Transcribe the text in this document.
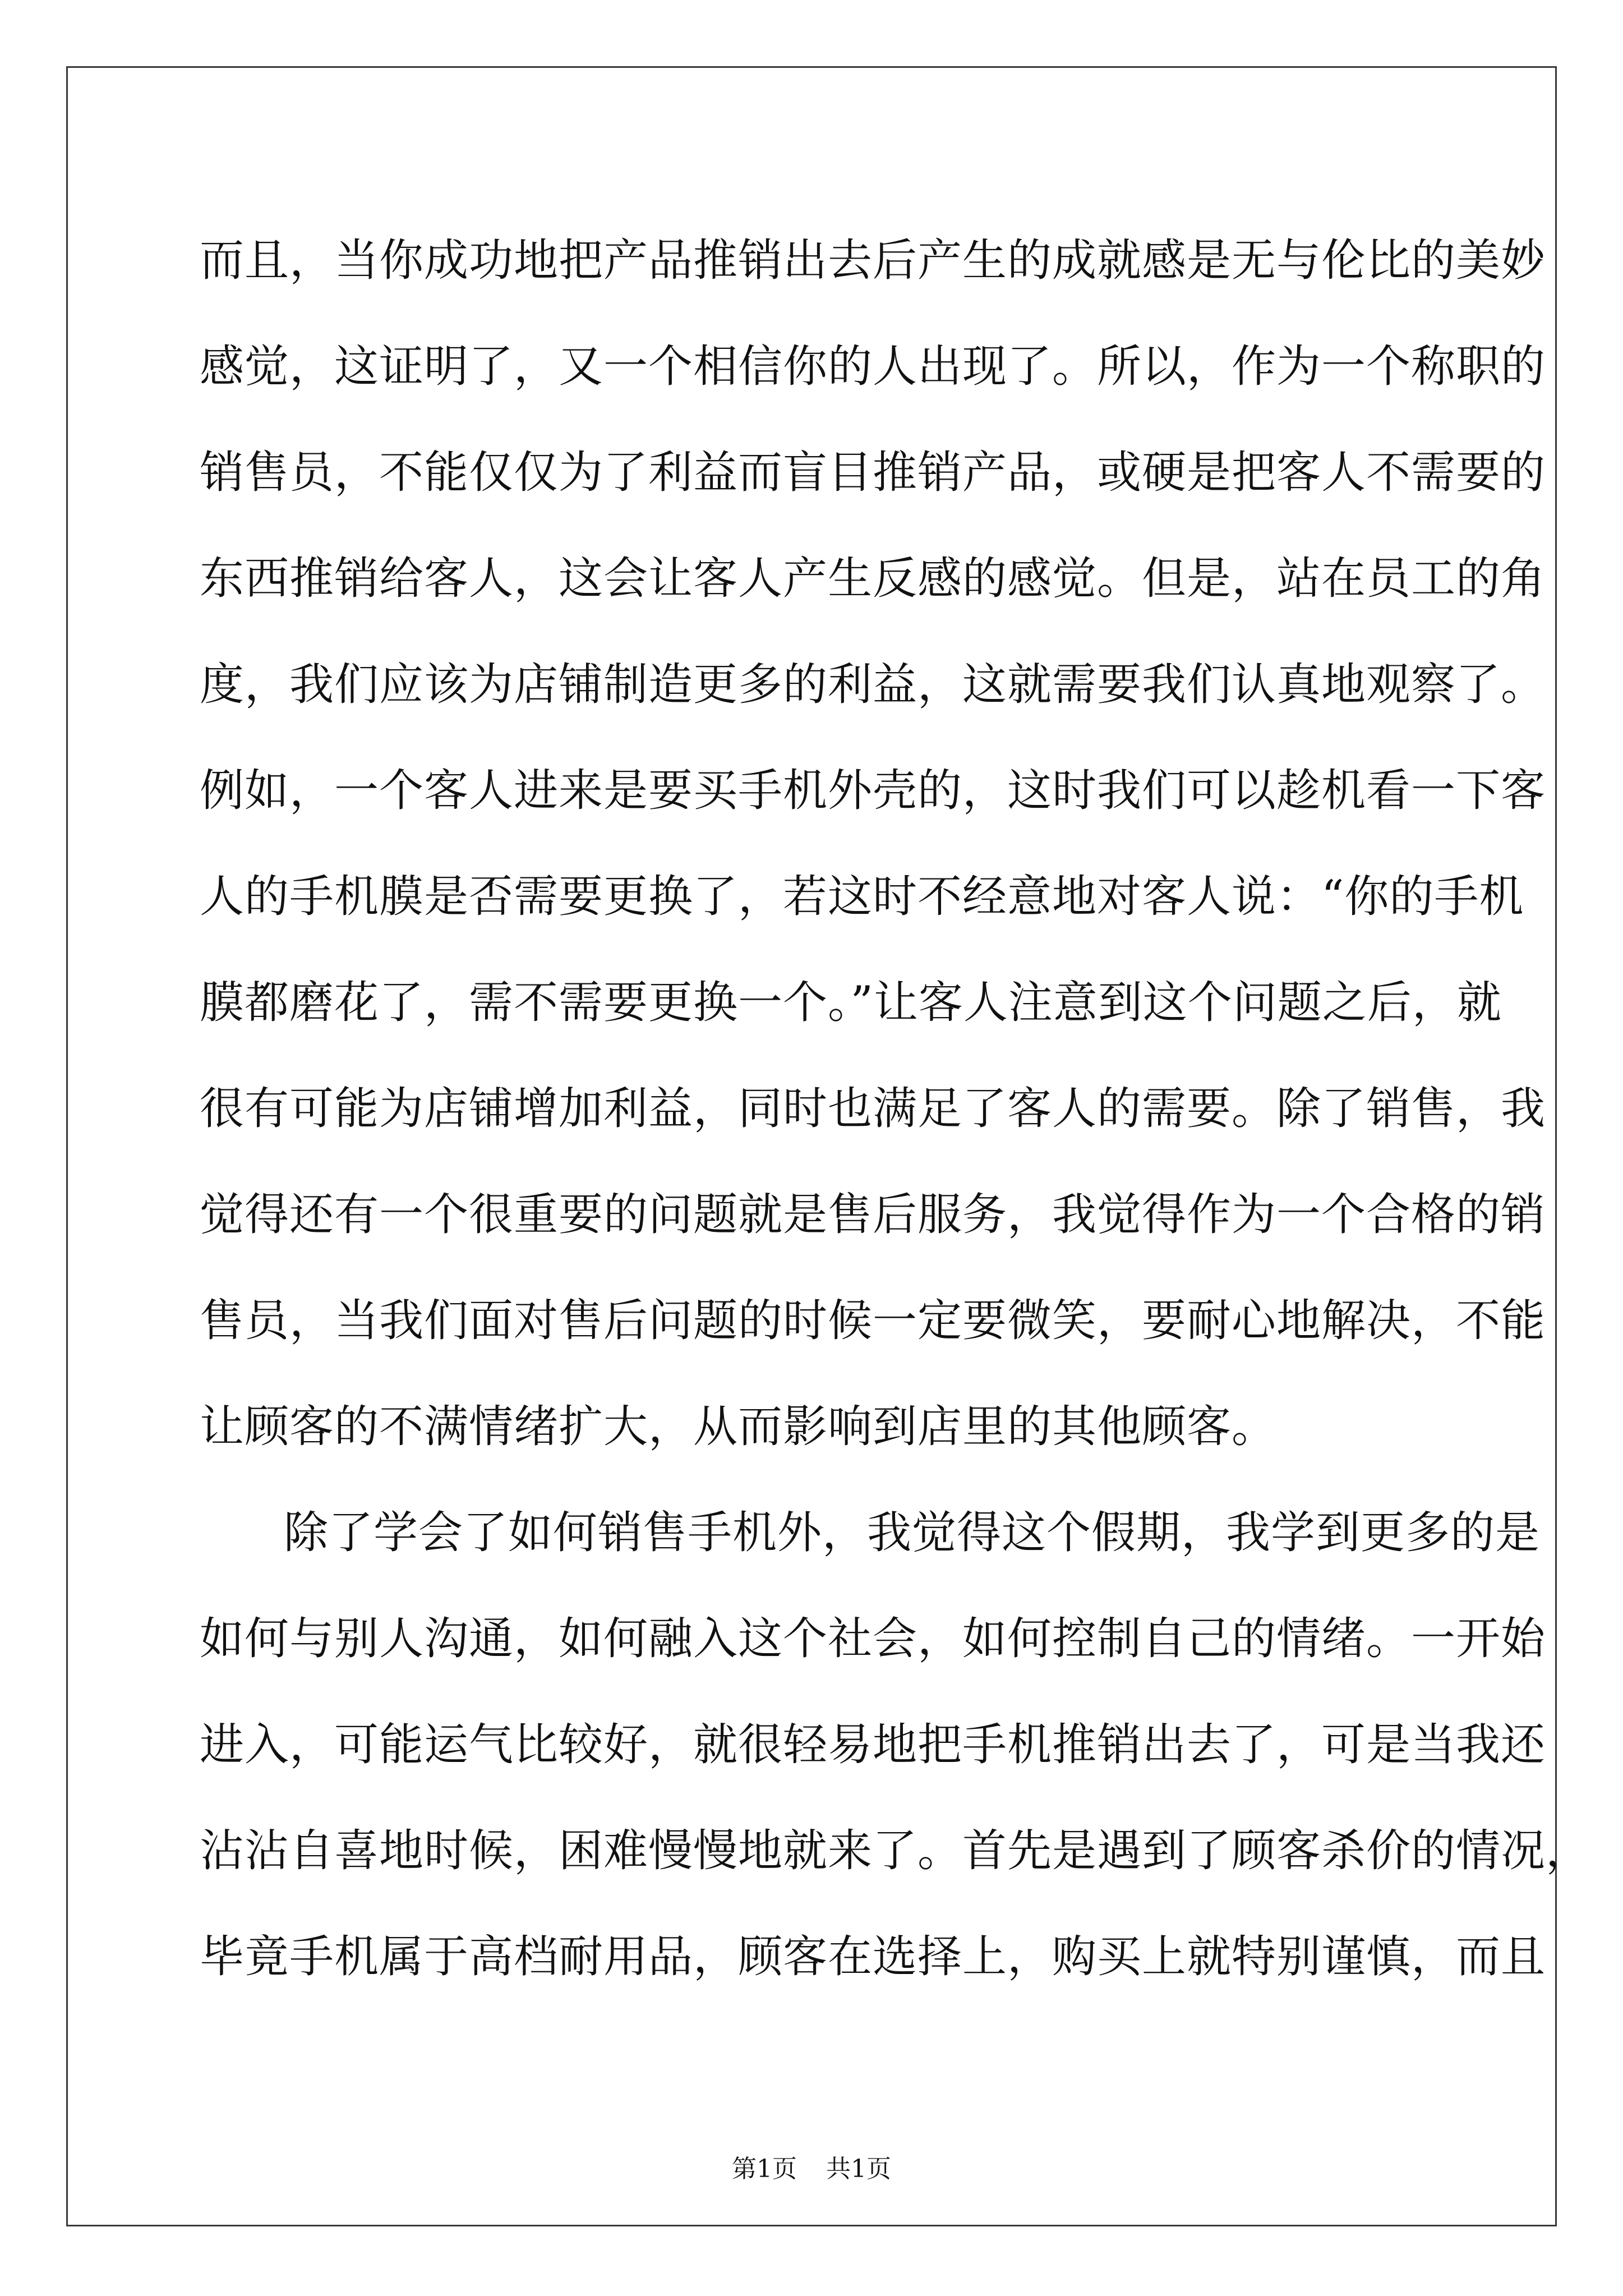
而且，当你成功地把产品推销出去后产生的成就感是无与伦比的美妙
感觉，这证明了，又一个相信你的人出现了。所以，作为一个称职的
销售员，不能仅仅为了利益而盲目推销产品，或硬是把客人不需要的
东西推销给客人，这会让客人产生反感的感觉。但是，站在员工的角
度，我们应该为店铺制造更多的利益，这就需要我们认真地观察了。
例如，一个客人进来是要买手机外壳的，这时我们可以趁机看一下客
人的手机膜是否需要更换了，若这时不经意地对客人说：“你的手机
膜都磨花了，需不需要更换一个。”让客人注意到这个问题之后，就
很有可能为店铺增加利益，同时也满足了客人的需要。除了销售，我
觉得还有一个很重要的问题就是售后服务，我觉得作为一个合格的销
售员，当我们面对售后问题的时候一定要微笑，要耐心地解决，不能
让顾客的不满情绪扩大，从而影响到店里的其他顾客。
除了学会了如何销售手机外，我觉得这个假期，我学到更多的是
如何与别人沟通，如何融入这个社会，如何控制自己的情绪。一开始
进入，可能运气比较好，就很轻易地把手机推销出去了，可是当我还
沾沾自喜地时候，困难慢慢地就来了。首先是遇到了顾客杀价的情况，
毕竟手机属于高档耐用品，顾客在选择上，购买上就特别谨慎，而且
第1页 共1页
